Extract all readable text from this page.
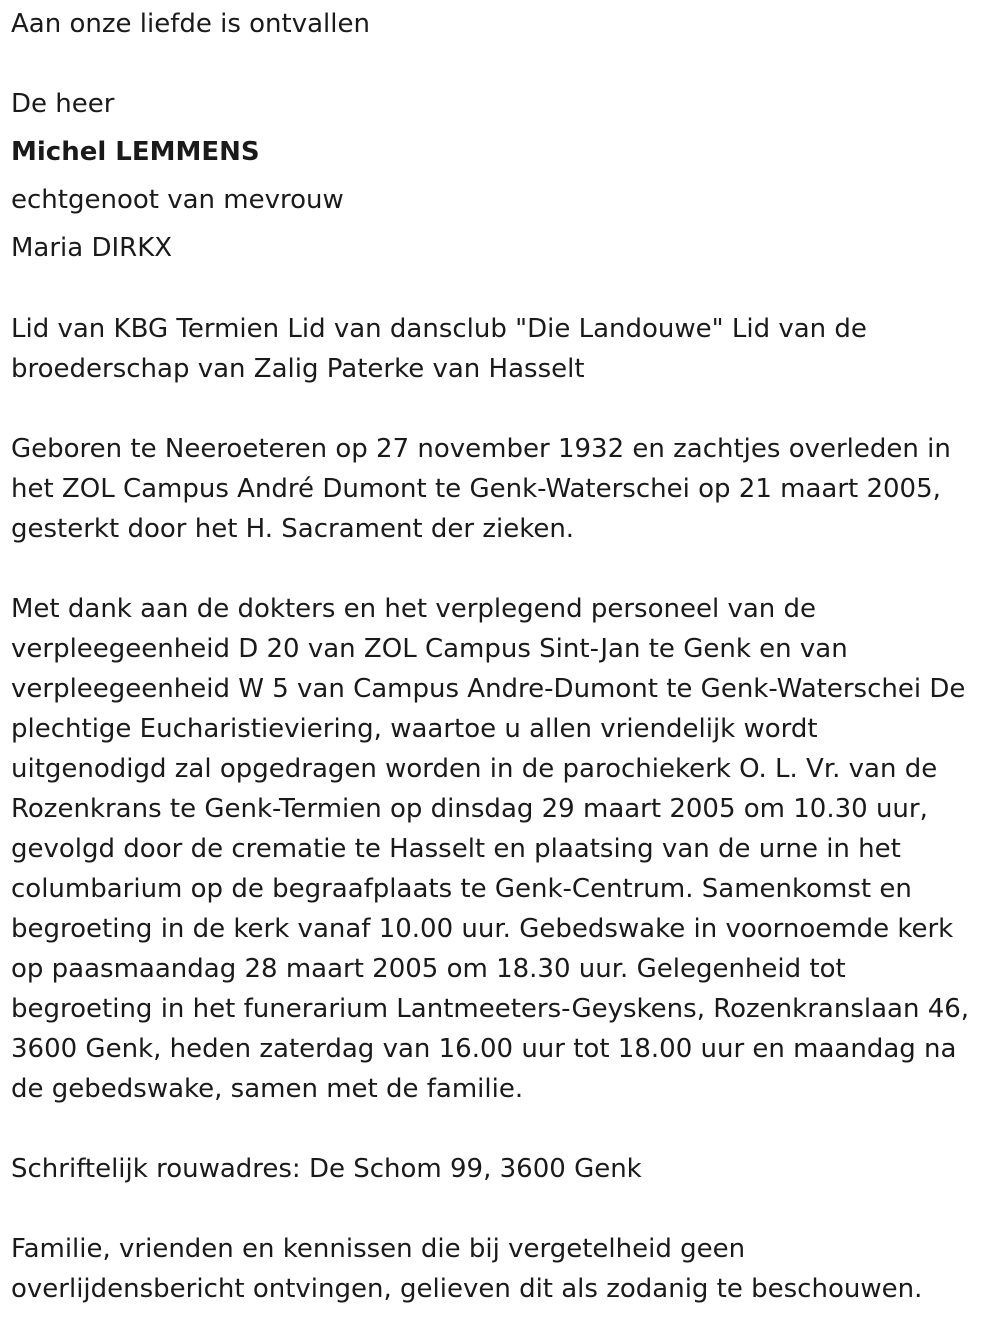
Aan onze liefde is ontvallen
De heer
Michel LEMMENS
echtgenoot van mevrouw
Maria DIRKX
Lid van KBG Termien Lid van dansclub "Die Landouwe" Lid van de
broederschap van Zalig Paterke van Hasselt
Geboren te Neeroeteren op 27 november 1932 en zachtjes overleden in
het ZOL Campus André Dumont te Genk-Waterschei op 21 maart 2005,
gesterkt door het H. Sacrament der zieken.
Met dank aan de dokters en het verplegend personeel van de
verpleegeenheid D 20 van ZOL Campus Sint-Jan te Genk en van
verpleegeenheid W 5 van Campus Andre-Dumont te Genk-Waterschei De
plechtige Eucharistieviering, waartoe u allen vriendelijk wordt
uitgenodigd zal opgedragen worden in de parochiekerk O. L. Vr. van de
Rozenkrans te Genk-Termien op dinsdag 29 maart 2005 om 10.30 uur,
gevolgd door de crematie te Hasselt en plaatsing van de urne in het
columbarium op de begraafplaats te Genk-Centrum. Samenkomst en
begroeting in de kerk vanaf 10.00 uur. Gebedswake in voornoemde kerk
op paasmaandag 28 maart 2005 om 18.30 uur. Gelegenheid tot
begroeting in het funerarium Lantmeeters-Geyskens, Rozenkranslaan 46,
3600 Genk, heden zaterdag van 16.00 uur tot 18.00 uur en maandag na
de gebedswake, samen met de familie.
Schriftelijk rouwadres: De Schom 99, 3600 Genk
Familie, vrienden en kennissen die bij vergetelheid geen
overlijdensbericht ontvingen, gelieven dit als zodanig te beschouwen.
